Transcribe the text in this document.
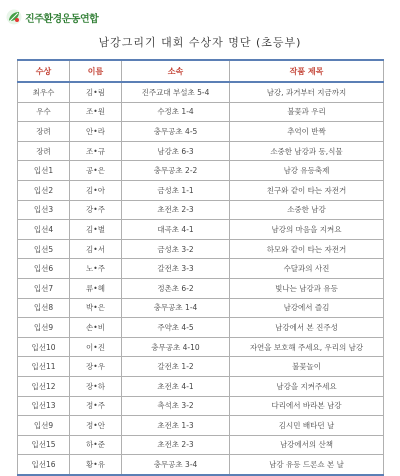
진주환경운동연합
남강그리기 대회 수상자 명단 (초등부)
수상	이름	소속	작품 제목
최우수	김•림	진주교대 부설초 5-4	남강, 과거부터 지금까지
우수	조•원	수정초 1-4	불꽃과 우리
장려	안•라	충무공초 4-5	추억이 반짝
장려	조•규	남강초 6-3	소중한 남강과 동,식물
입선1	공•은	충무공초 2-2	남강 유등축제
입선2	김•아	금성초 1-1	친구와 같이 타는 자전거
입선3	강•주	초전초 2-3	소중한 남강
입선4	김•별	대곡초 4-1	남강의 마음을 지켜요
입선5	김•서	금성초 3-2	하모와 같이 타는 자전거
입선6	노•주	갈전초 3-3	수달과의 사진
입선7	류•혜	정촌초 6-2	빛나는 남강과 유등
입선8	박•은	충무공초 1-4	남강에서 즐김
입선9	손•비	주약초 4-5	남강에서 본 진주성
입선10	이•진	충무공초 4-10	자연을 보호해 주세요, 우리의 남강
입선11	장•우	갈전초 1-2	불꽃놀이
입선12	장•하	초전초 4-1	남강을 지켜주세요
입선13	정•주	촉석초 3-2	다리에서 바라본 남강
입선9	정•안	초전초 1-3	김시민 배타던 날
입선15	하•준	초전초 2-3	남강에서의 산책
입선16	황•유	충무공초 3-4	남강 유등 드론쇼 본 날
